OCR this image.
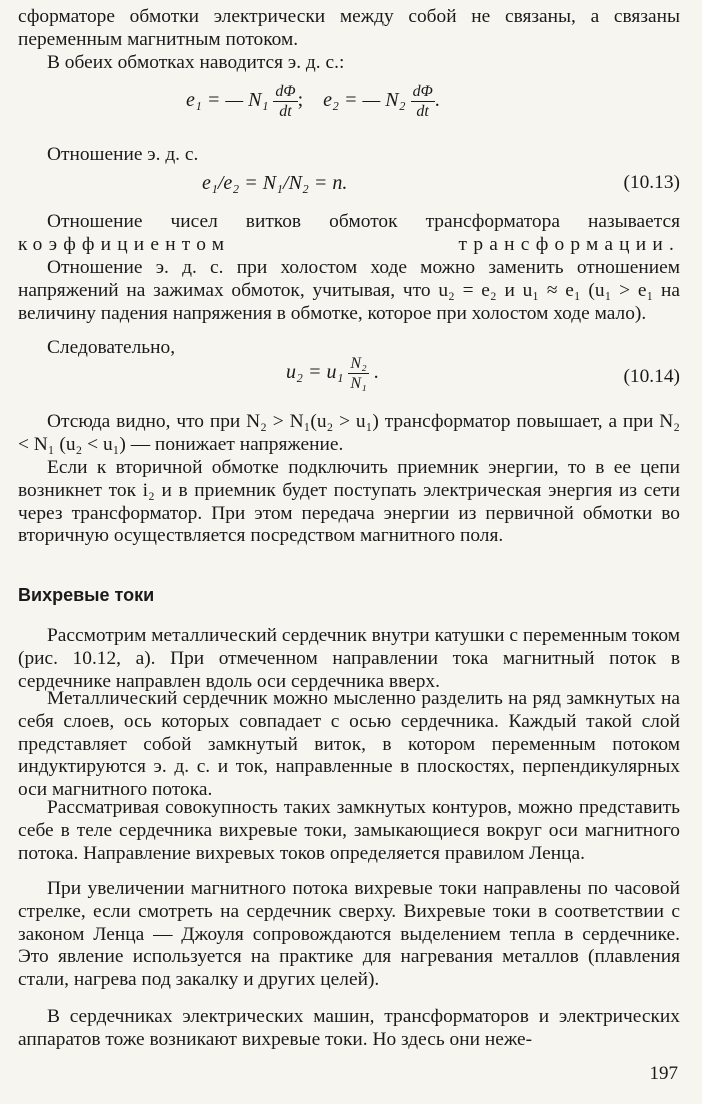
сформаторе обмотки электрически между собой не связаны, а связаны переменным магнитным потоком.

В обеих обмотках наводится э. д. с.:

e₁ = — $N_1 \frac{d\Phi}{dt}$ ; e₂ = — $N_2 \frac{d\Phi}{dt}$ .

Отношение э. д. с.

e₁/e₂ = N₁/N₂ = n.	(10.13)

Отношение чисел витков обмоток трансформатора называется коэффициентом трансформации.

Отношение э. д. с. при холостом ходе можно заменить отношением напряжений на зажимах обмоток, учитывая, что u₂ = e₂ и u₁ ≈ e₁ (u₁ > e₁ на величину падения напряжения в обмотке, которое при холостом ходе мало).

Следовательно,

$u_2 = u_1 \frac{\text{N₂}}{\text{N₁}}$ .	(10.14)

Отсюда видно, что при N₂ > N₁(u₂ > u₁) трансформатор повышает, а при N₂ < N₁ (u₂ < u₁) — понижает напряжение.

Если к вторичной обмотке подключить приемник энергии, то в ее цепи возникнет ток i₂ и в приемник будет поступать электрическая энергия из сети через трансформатор. При этом передача энергии из первичной обмотки во вторичную осуществляется посредством магнитного поля.

Вихревые токи

Рассмотрим металлический сердечник внутри катушки с переменным током (рис. 10.12, а). При отмеченном направлении тока магнитный поток в сердечнике направлен вдоль оси сердечника вверх.

Металлический сердечник можно мысленно разделить на ряд замкнутых на себя слоев, ось которых совпадает с осью сердечника. Каждый такой слой представляет собой замкнутый виток, в котором переменным потоком индуктируются э. д. с. и ток, направленные в плоскостях, перпендикулярных оси магнитного потока.

Рассматривая совокупность таких замкнутых контуров, можно представить себе в теле сердечника вихревые токи, замыкающиеся вокруг оси магнитного потока. Направление вихревых токов определяется правилом Ленца.

При увеличении магнитного потока вихревые токи направлены по часовой стрелке, если смотреть на сердечник сверху. Вихревые токи в соответствии с законом Ленца — Джоуля сопровождаются выделением тепла в сердечнике. Это явление используется на практике для нагревания металлов (плавления стали, нагрева под закалку и других целей).

В сердечниках электрических машин, трансформаторов и электрических аппаратов тоже возникают вихревые токи. Но здесь они неже-

197
